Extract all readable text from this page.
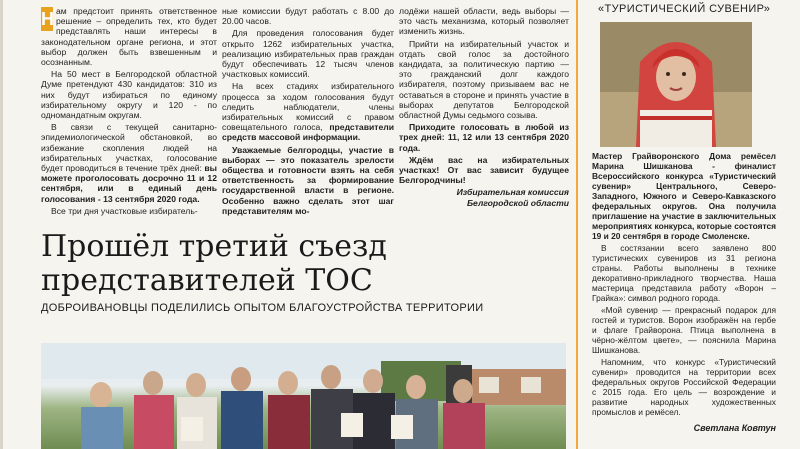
Н ам предстоит принять ответственное решение – определить тех, кто будет представлять наши интересы в законодательном органе региона, и этот выбор должен быть взвешенным и осознанным.

На 50 мест в Белгородской областной Думе претендуют 430 кандидатов: 310 из них будут избираться по единому избирательному округу и 120 - по одномандатным округам.

В связи с текущей санитарно-эпидемиологической обстановкой, во избежание скопления людей на избирательных участках, голосование будет проводиться в течение трёх дней: вы можете проголосовать досрочно 11 и 12 сентября, или в единый день голосования - 13 сентября 2020 года.

Все три дня участковые избиратель-

ные комиссии будут работать с 8.00 до 20.00 часов.

Для проведения голосования будет открыто 1262 избирательных участка, реализацию избирательных прав граждан будут обеспечивать 12 тысяч членов участковых комиссий.

На всех стадиях избирательного процесса за ходом голосования будут следить наблюдатели, члены избирательных комиссий с правом совещательного голоса, представители средств массовой информации.

Уважаемые белгородцы, участие в выборах — это показатель зрелости общества и готовности взять на себя ответственность за формирование государственной власти в регионе. Особенно важно сделать этот шаг представителям мо-

лодёжи нашей области, ведь выборы — это часть механизма, который позволяет изменить жизнь.

Прийти на избирательный участок и отдать свой голос за достойного кандидата, за политическую партию — это гражданский долг каждого избирателя, поэтому призываем вас не оставаться в стороне и принять участие в выборах депутатов Белгородской областной Думы седьмого созыва.

Приходите голосовать в любой из трех дней: 11, 12 или 13 сентября 2020 года.

Ждём вас на избирательных участках! От вас зависит будущее Белгородчины!

Избирательная комиссия Белгородской области

Прошёл третий съезд представителей ТОС
ДОБРОИВАНОВЦЫ ПОДЕЛИЛИСЬ ОПЫТОМ БЛАГОУСТРОЙСТВА ТЕРРИТОРИИ
«ТУРИСТИЧЕСКИЙ СУВЕНИР»

Мастер Грайворонского Дома ремёсел Марина Шишканова - финалист Всероссийского конкурса «Туристический сувенир» Центрального, Северо-Западного, Южного и Северо-Кавказского федеральных округов. Она получила приглашение на участие в заключительных мероприятиях конкурса, которые состоятся 19 и 20 сентября в городе Смоленске.

В состязании всего заявлено 800 туристических сувениров из 31 региона страны. Работы выполнены в технике декоративно-прикладного творчества. Наша мастерица представила работу «Ворон – Грайка»: символ родного города.

«Мой сувенир — прекрасный подарок для гостей и туристов. Ворон изображён на гербе и флаге Грайворона. Птица выполнена в чёрно-жёлтом цвете», — пояснила Марина Шишканова.

Напомним, что конкурс «Туристический сувенир» проводится на территории всех федеральных округов Российской Федерации с 2015 года. Его цель — возрождение и развитие народных художественных промыслов и ремёсел.

Светлана Ковтун
